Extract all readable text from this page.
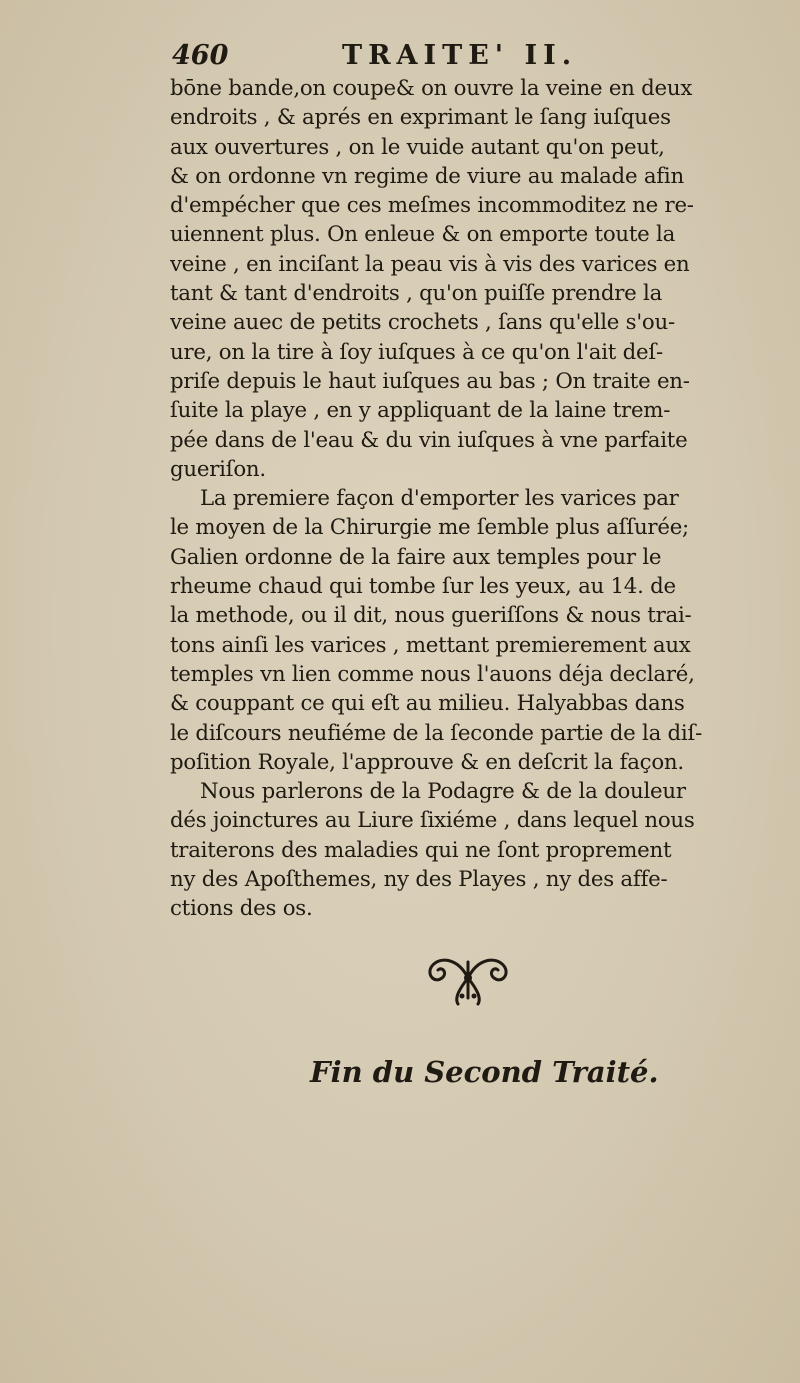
460	TRAITE' II.
bōne bande,on coupe& on ouvre la veine en deux
endroits , & aprés en exprimant le ſang iuſques
aux ouvertures , on le vuide autant qu'on peut,
& on ordonne vn regime de viure au malade afin
d'empécher que ces meſmes incommoditez ne re-
uiennent plus. On enleue & on emporte toute la
veine , en inciſant la peau vis à vis des varices en
tant & tant d'endroits , qu'on puiſſe prendre la
veine auec de petits crochets , ſans qu'elle s'ou-
ure, on la tire à ſoy iuſques à ce qu'on l'ait deſ-
priſe depuis le haut iuſques au bas ; On traite en-
ſuite la playe , en y appliquant de la laine trem-
pée dans de l'eau & du vin iuſques à vne parfaite
gueriſon.
La premiere façon d'emporter les varices par
le moyen de la Chirurgie me ſemble plus aſſurée;
Galien ordonne de la faire aux temples pour le
rheume chaud qui tombe ſur les yeux, au 14. de
la methode, ou il dit, nous gueriſſons & nous trai-
tons ainſi les varices , mettant premierement aux
temples vn lien comme nous l'auons déja declaré,
& couppant ce qui eſt au milieu. Halyabbas dans
le diſcours neufiéme de la ſeconde partie de la diſ-
poſition Royale, l'approuve & en deſcrit la façon.
Nous parlerons de la Podagre & de la douleur
dés joinctures au Liure ſixiéme , dans lequel nous
traiterons des maladies qui ne ſont proprement
ny des Apoſthemes, ny des Playes , ny des affe-
ctions des os.
Fin du Second Traité.
